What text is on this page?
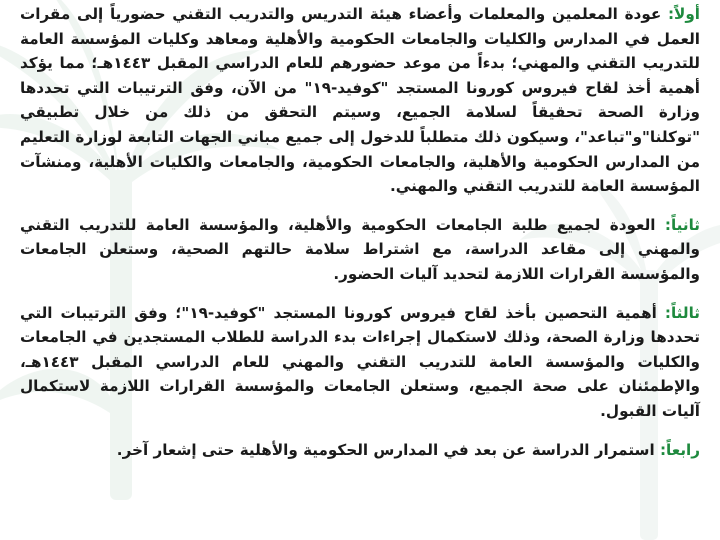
أولاً: عودة المعلمين والمعلمات وأعضاء هيئة التدريس والتدريب التقني حضورياً إلى مقرات العمل في المدارس والكليات والجامعات الحكومية والأهلية ومعاهد وكليات المؤسسة العامة للتدريب التقني والمهني؛ بدءاً من موعد حضورهم للعام الدراسي المقبل ١٤٤٣هـ؛ مما يؤكد أهمية أخذ لقاح فيروس كورونا المستجد "كوفيد-١٩" من الآن، وفق الترتيبات التي تحددها وزارة الصحة تحقيقاً لسلامة الجميع، وسيتم التحقق من ذلك من خلال تطبيقي "توكلنا"و"تباعد"، وسيكون ذلك متطلباً للدخول إلى جميع مباني الجهات التابعة لوزارة التعليم من المدارس الحكومية والأهلية، والجامعات الحكومية، والجامعات والكليات الأهلية، ومنشآت المؤسسة العامة للتدريب التقني والمهني.

ثانياً: العودة لجميع طلبة الجامعات الحكومية والأهلية، والمؤسسة العامة للتدريب التقني والمهني إلى مقاعد الدراسة، مع اشتراط سلامة حالتهم الصحية، وستعلن الجامعات والمؤسسة القرارات اللازمة لتحديد آليات الحضور.

ثالثاً: أهمية التحصين بأخذ لقاح فيروس كورونا المستجد "كوفيد-١٩"؛ وفق الترتيبات التي تحددها وزارة الصحة، وذلك لاستكمال إجراءات بدء الدراسة للطلاب المستجدين في الجامعات والكليات والمؤسسة العامة للتدريب التقني والمهني للعام الدراسي المقبل ١٤٤٣هـ، والإطمئنان على صحة الجميع، وستعلن الجامعات والمؤسسة القرارات اللازمة لاستكمال آليات القبول.

رابعاً: استمرار الدراسة عن بعد في المدارس الحكومية والأهلية حتى إشعار آخر.
